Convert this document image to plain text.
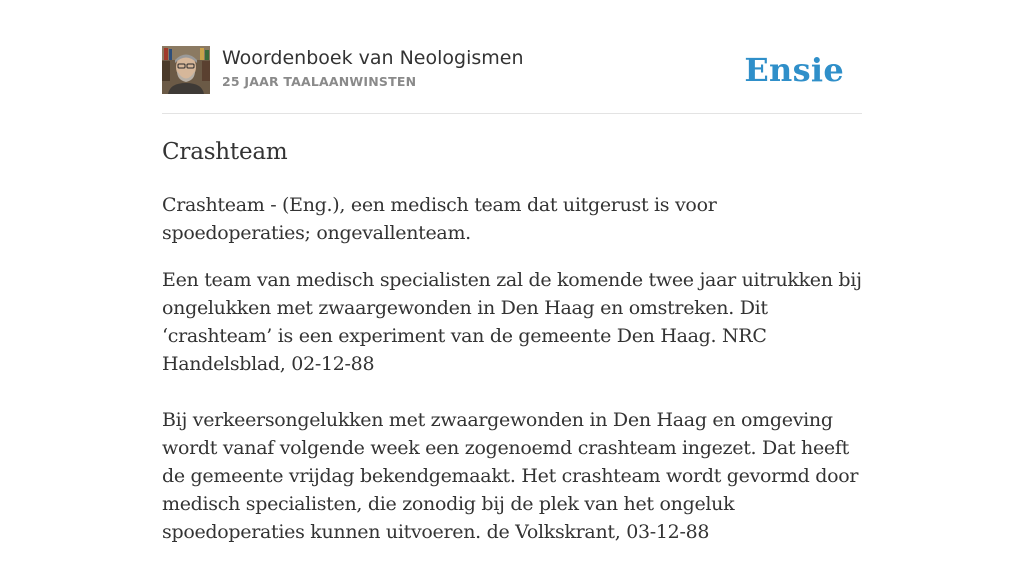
Woordenboek van Neologismen
25 JAAR TAALAANWINSTEN	Ensie
Crashteam

Crashteam - (Eng.), een medisch team dat uitgerust is voor spoedoperaties; ongevallenteam.

Een team van medisch specialisten zal de komende twee jaar uitrukken bij ongelukken met zwaargewonden in Den Haag en omstreken. Dit ‘crashteam’ is een experiment van de gemeente Den Haag. NRC Handelsblad, 02-12-88

Bij verkeersongelukken met zwaargewonden in Den Haag en omgeving wordt vanaf volgende week een zogenoemd crashteam ingezet. Dat heeft de gemeente vrijdag bekendgemaakt. Het crashteam wordt gevormd door medisch specialisten, die zonodig bij de plek van het ongeluk spoedoperaties kunnen uitvoeren. de Volkskrant, 03-12-88
